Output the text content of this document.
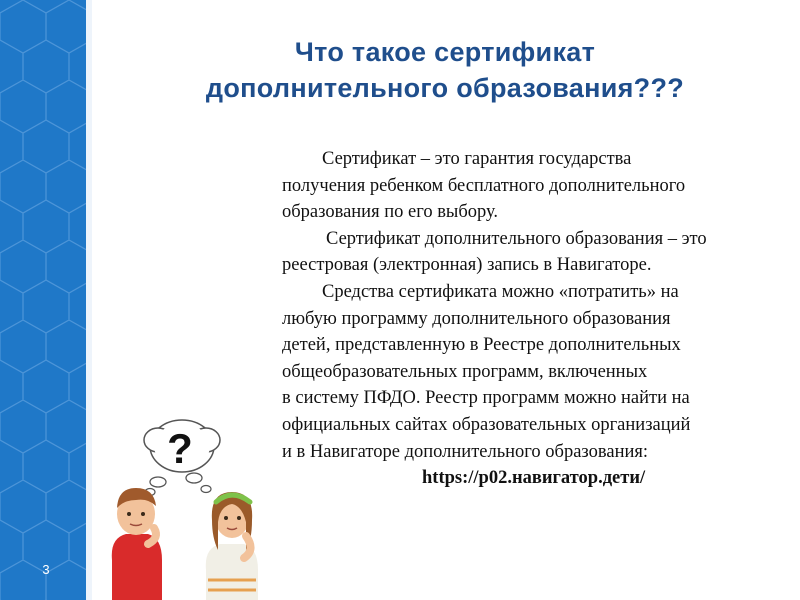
3
Что такое сертификат
дополнительного образования???
Сертификат – это гарантия государства
получения ребенком бесплатного дополнительного
образования по его выбору.
Сертификат дополнительного образования – это
реестровая (электронная) запись в Навигаторе.
Средства сертификата можно «потратить» на
любую программу дополнительного образования
детей, представленную в Реестре дополнительных
общеобразовательных программ, включенных
в систему ПФДО. Реестр программ можно найти на
официальных сайтах образовательных организаций
и в Навигаторе дополнительного образования:
https://р02.навигатор.дети/
?
